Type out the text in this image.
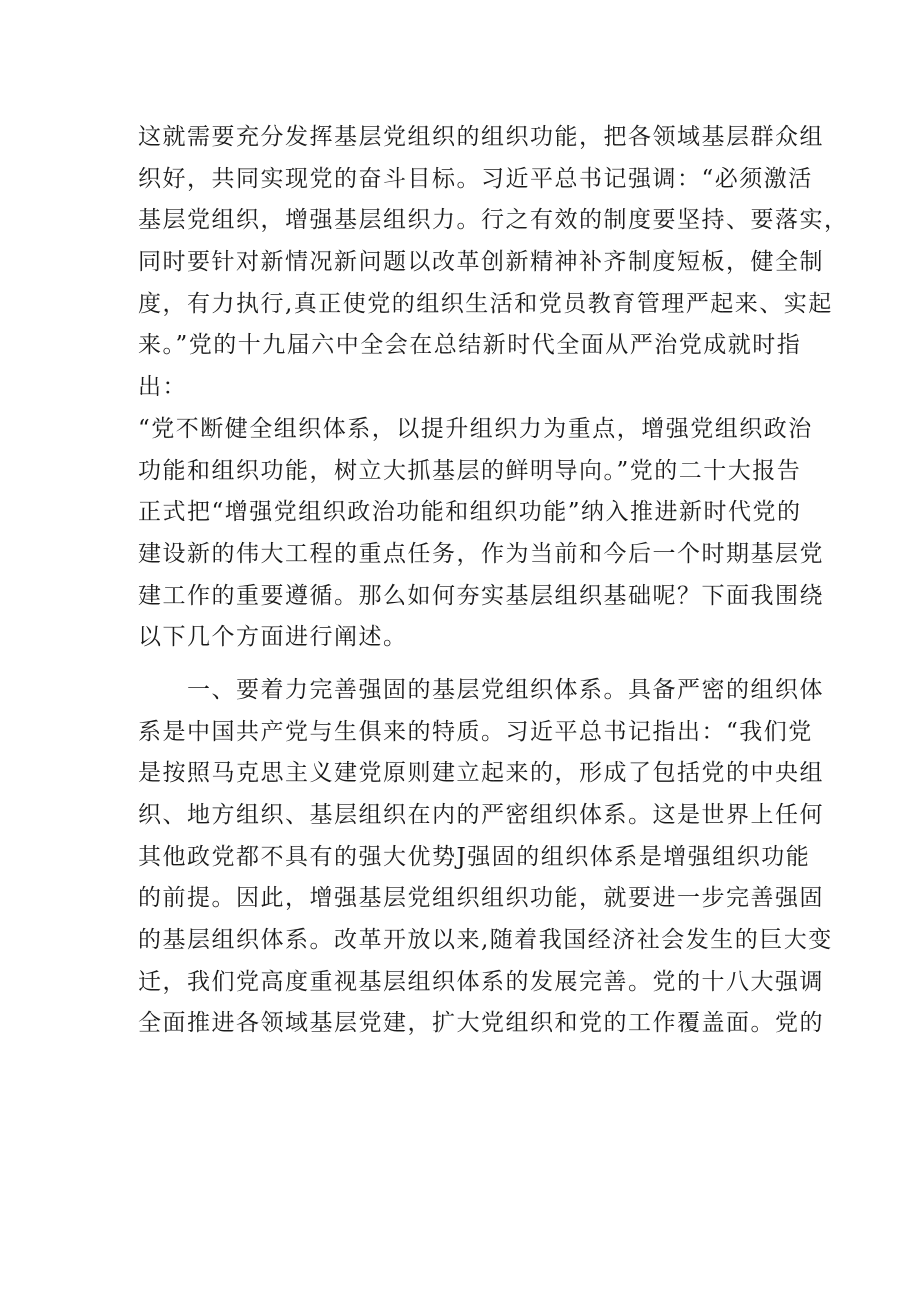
这就需要充分发挥基层党组织的组织功能，把各领域基层群众组
织好，共同实现党的奋斗目标。习近平总书记强调：“必须激活
基层党组织，增强基层组织力。行之有效的制度要坚持、要落实，
同时要针对新情况新问题以改革创新精神补齐制度短板，健全制
度，有力执行,真正使党的组织生活和党员教育管理严起来、实起
来。”党的十九届六中全会在总结新时代全面从严治党成就时指
出：
“党不断健全组织体系，以提升组织力为重点，增强党组织政治
功能和组织功能，树立大抓基层的鲜明导向。”党的二十大报告
正式把“增强党组织政治功能和组织功能”纳入推进新时代党的
建设新的伟大工程的重点任务，作为当前和今后一个时期基层党
建工作的重要遵循。那么如何夯实基层组织基础呢？下面我围绕
以下几个方面进行阐述。
　　一、要着力完善强固的基层党组织体系。具备严密的组织体
系是中国共产党与生俱来的特质。习近平总书记指出：“我们党
是按照马克思主义建党原则建立起来的，形成了包括党的中央组
织、地方组织、基层组织在内的严密组织体系。这是世界上任何
其他政党都不具有的强大优势J强固的组织体系是增强组织功能
的前提。因此，增强基层党组织组织功能，就要进一步完善强固
的基层组织体系。改革开放以来,随着我国经济社会发生的巨大变
迁，我们党高度重视基层组织体系的发展完善。党的十八大强调
全面推进各领域基层党建，扩大党组织和党的工作覆盖面。党的
